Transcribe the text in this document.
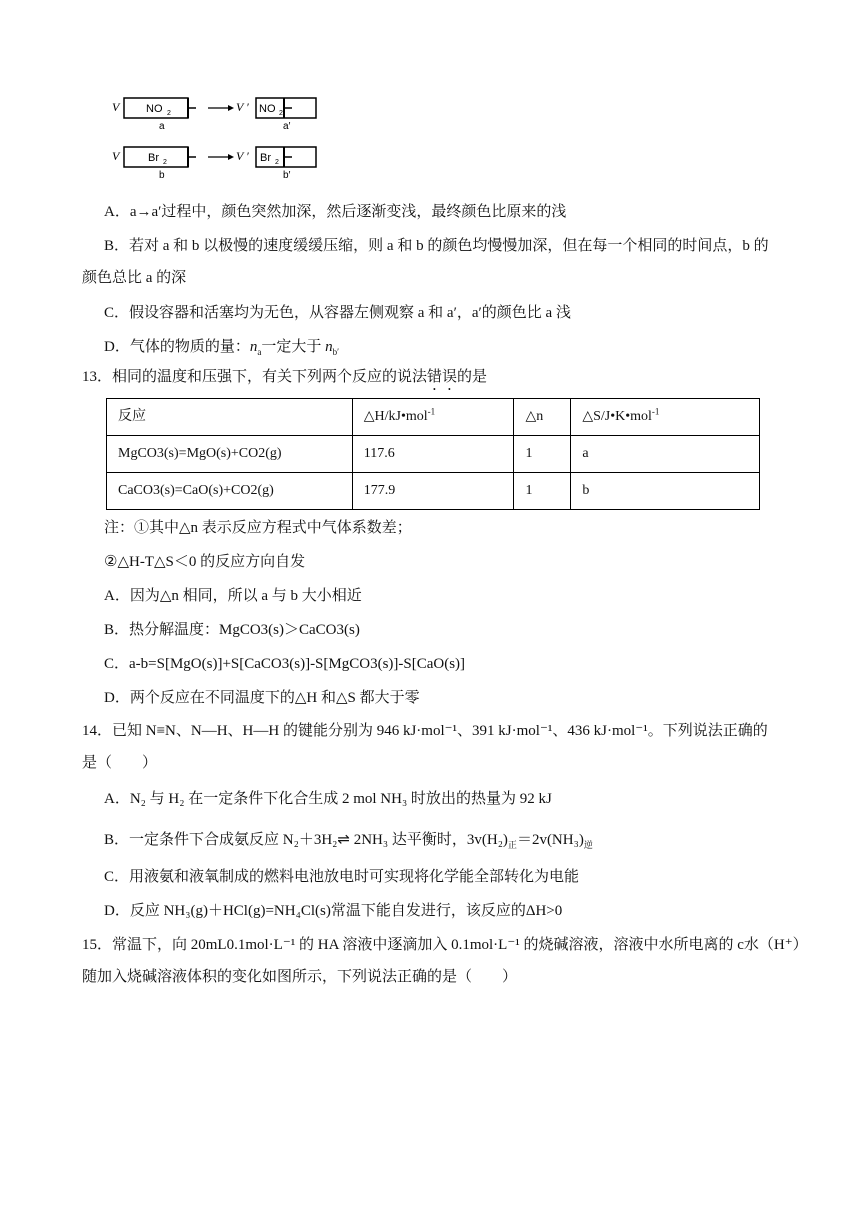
V NO 2
a
V ′ NO 2
a′
V	Br 2
b
V ′ Br 2
b′
A．a→a′过程中，颜色突然加深，然后逐渐变浅，最终颜色比原来的浅
B．若对 a 和 b 以极慢的速度缓缓压缩，则 a 和 b 的颜色均慢慢加深，但在每一个相同的时间点，b 的
颜色总比 a 的深
C．假设容器和活塞均为无色，从容器左侧观察 a 和 a′，a′的颜色比 a 浅
D．气体的物质的量：$n_a$一定大于 $n_{b'}$
13．相同的温度和压强下，有关下列两个反应的说法错误的是
反应	△H/kJ•mol$^{-1}$	△n	△S/J•K•mol$^{-1}$
MgCO3(s)=MgO(s)+CO2(g)	117.6	1	a
CaCO3(s)=CaO(s)+CO2(g)	177.9	1	b
注：①其中△n 表示反应方程式中气体系数差；
②△H-T△S＜0 的反应方向自发
A．因为△n 相同，所以 a 与 b 大小相近
B．热分解温度：MgCO3(s)＞CaCO3(s)
C．a-b=S[MgO(s)]+S[CaCO3(s)]-S[MgCO3(s)]-S[CaO(s)]
D．两个反应在不同温度下的△H 和△S 都大于零
14．已知 N≡N、N—H、H—H 的键能分别为 946 kJ·mol⁻¹、391 kJ·mol⁻¹、436 kJ·mol⁻¹。下列说法正确的
是（　　）
A．N₂ 与 H₂ 在一定条件下化合生成 2 mol NH₃ 时放出的热量为 92 kJ
B．一定条件下合成氨反应 N₂＋3H₂⇌ 2NH₃ 达平衡时，$3v(H_2)_正=2v(NH_3)_逆$
C．用液氨和液氧制成的燃料电池放电时可实现将化学能全部转化为电能
D．反应 NH₃(g)＋HCl(g)=NH₄Cl(s)常温下能自发进行，该反应的ΔH>0
15．常温下，向 20mL0.1mol·L⁻¹ 的 HA 溶液中逐滴加入 0.1mol·L⁻¹ 的烧碱溶液，溶液中水所电离的 c水（H⁺）
随加入烧碱溶液体积的变化如图所示，下列说法正确的是（　　）
